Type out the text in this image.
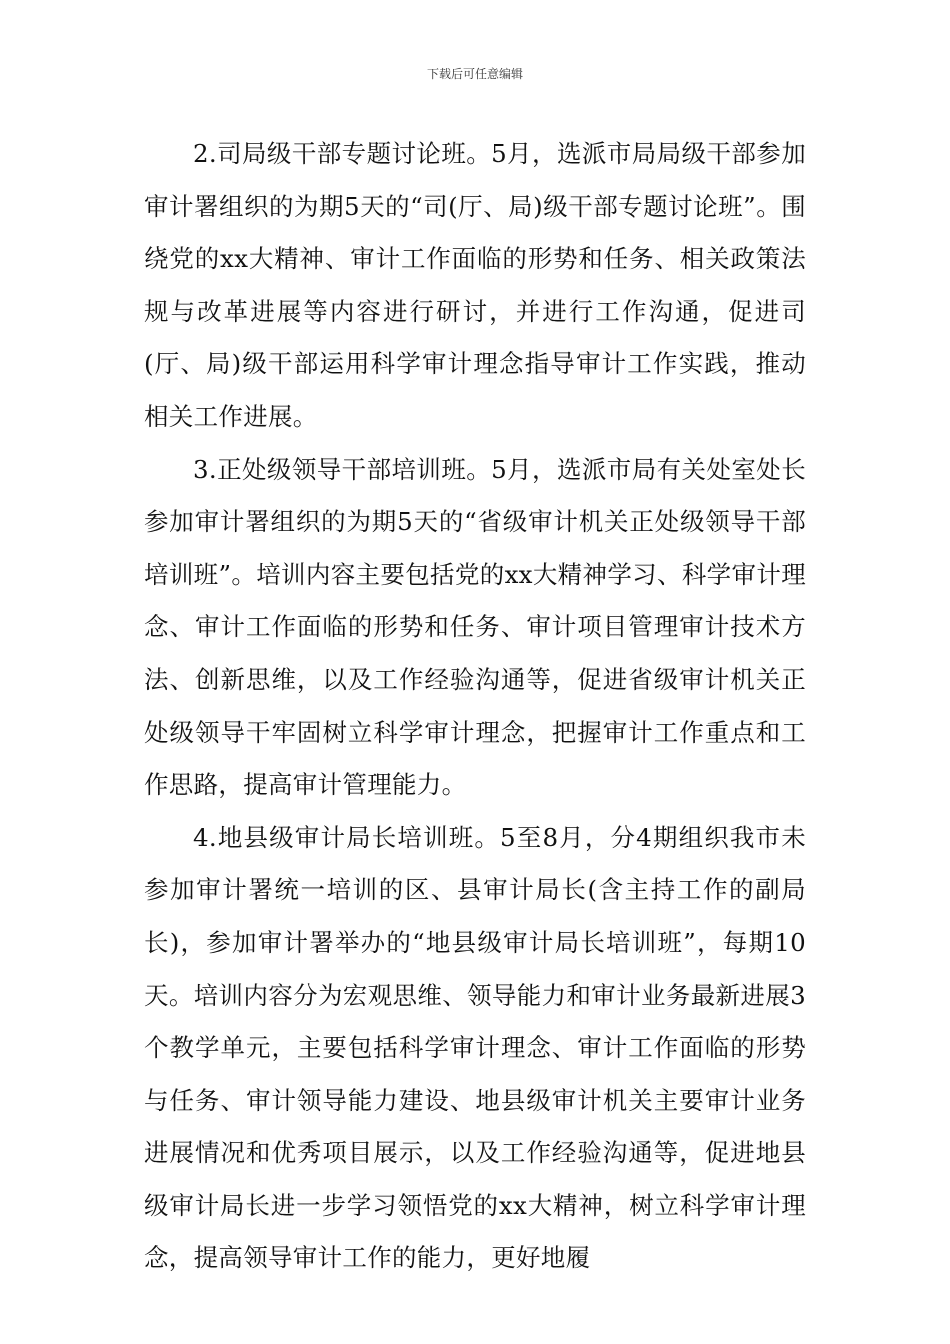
下载后可任意编辑

2.司局级干部专题讨论班。5月，选派市局局级干部参加审计署组织的为期5天的“司(厅、局)级干部专题讨论班”。围绕党的xx大精神、审计工作面临的形势和任务、相关政策法规与改革进展等内容进行研讨，并进行工作沟通，促进司(厅、局)级干部运用科学审计理念指导审计工作实践，推动相关工作进展。

3.正处级领导干部培训班。5月，选派市局有关处室处长参加审计署组织的为期5天的“省级审计机关正处级领导干部培训班”。培训内容主要包括党的xx大精神学习、科学审计理念、审计工作面临的形势和任务、审计项目管理审计技术方法、创新思维，以及工作经验沟通等，促进省级审计机关正处级领导干牢固树立科学审计理念，把握审计工作重点和工作思路，提高审计管理能力。

4.地县级审计局长培训班。5至8月，分4期组织我市未参加审计署统一培训的区、县审计局长(含主持工作的副局长)，参加审计署举办的“地县级审计局长培训班”，每期10天。培训内容分为宏观思维、领导能力和审计业务最新进展3个教学单元，主要包括科学审计理念、审计工作面临的形势与任务、审计领导能力建设、地县级审计机关主要审计业务进展情况和优秀项目展示，以及工作经验沟通等，促进地县级审计局长进一步学习领悟党的xx大精神，树立科学审计理念，提高领导审计工作的能力，更好地履
